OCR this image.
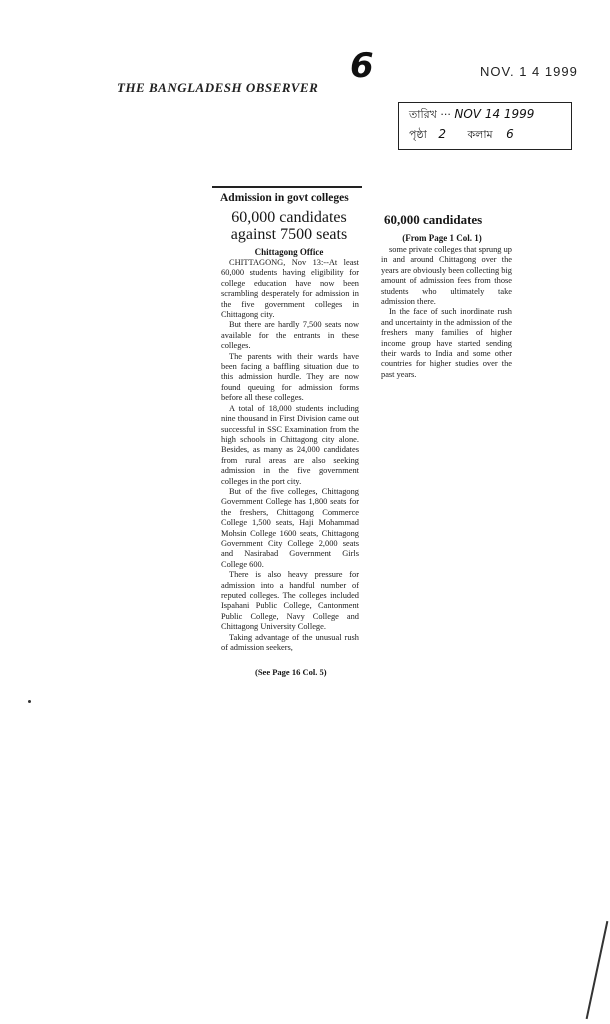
THE BANGLADESH OBSERVER
6	NOV. 1 4 1999
তারিখ ··· NOV 14 1999
পৃষ্ঠা 2 কলাম 6
Admission in govt colleges
60,000 candidates against 7500 seats
Chittagong Office

CHITTAGONG, Nov 13:--At least 60,000 students having eligibility for college education have now been scrambling desperately for admission in the five government colleges in Chittagong city.

But there are hardly 7,500 seats now available for the entrants in these colleges.

The parents with their wards have been facing a baffling situation due to this admission hurdle. They are now found queuing for admission forms before all these colleges.

A total of 18,000 students including nine thousand in First Division came out successful in SSC Examination from the high schools in Chittagong city alone. Besides, as many as 24,000 candidates from rural areas are also seeking admission in the five government colleges in the port city.

But of the five colleges, Chittagong Government College has 1,800 seats for the freshers, Chittagong Commerce College 1,500 seats, Haji Mohammad Mohsin College 1600 seats, Chittagong Government City College 2,000 seats and Nasirabad Government Girls College 600.

There is also heavy pressure for admission into a handful number of reputed colleges. The colleges included Ispahani Public College, Cantonment Public College, Navy College and Chittagong University College.

Taking advantage of the unusual rush of admission seekers,

(See Page 16 Col. 5)
60,000 candidates
(From Page 1 Col. 1)

some private colleges that sprung up in and around Chittagong over the years are obviously been collecting big amount of admission fees from those students who ultimately take admission there.

In the face of such inordinate rush and uncertainty in the admission of the freshers many families of higher income group have started sending their wards to India and some other countries for higher studies over the past years.
